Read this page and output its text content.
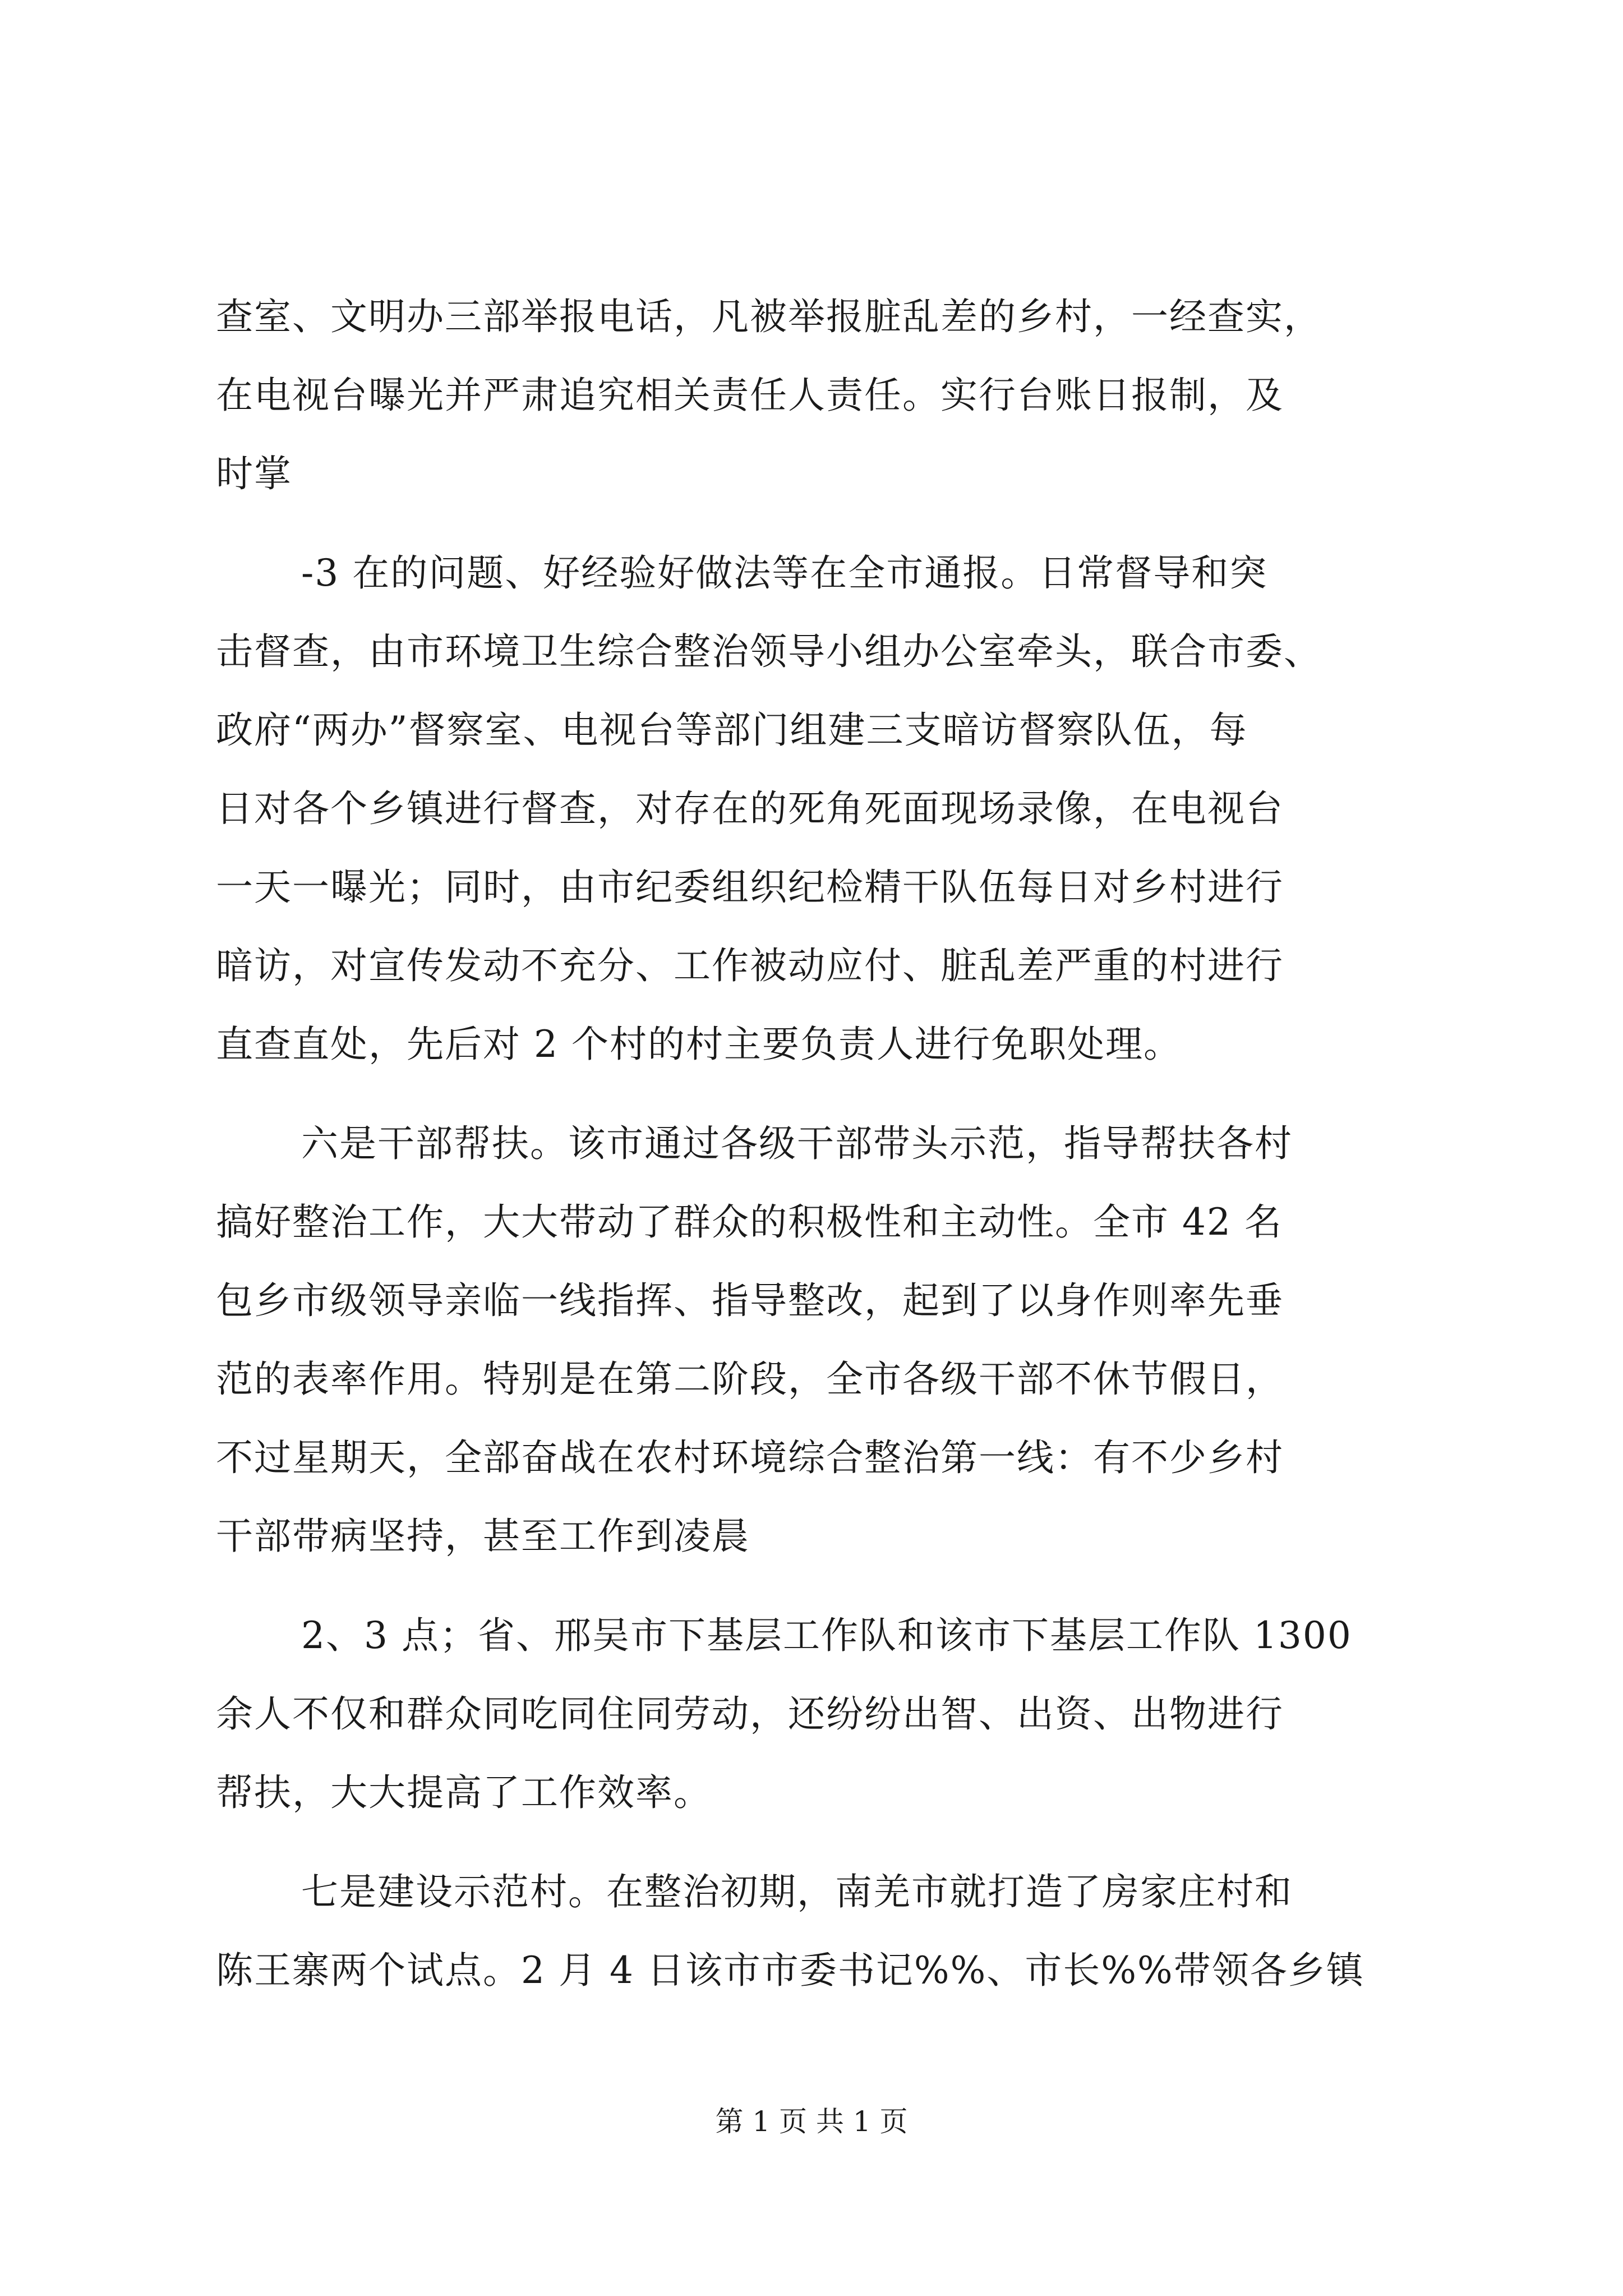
查室、文明办三部举报电话，凡被举报脏乱差的乡村，一经查实，
在电视台曝光并严肃追究相关责任人责任。实行台账日报制，及
时掌
-3 在的问题、好经验好做法等在全市通报。日常督导和突
击督查，由市环境卫生综合整治领导小组办公室牵头，联合市委、
政府“两办”督察室、电视台等部门组建三支暗访督察队伍，每
日对各个乡镇进行督查，对存在的死角死面现场录像，在电视台
一天一曝光；同时，由市纪委组织纪检精干队伍每日对乡村进行
暗访，对宣传发动不充分、工作被动应付、脏乱差严重的村进行
直查直处，先后对 2 个村的村主要负责人进行免职处理。
六是干部帮扶。该市通过各级干部带头示范，指导帮扶各村
搞好整治工作，大大带动了群众的积极性和主动性。全市 42 名
包乡市级领导亲临一线指挥、指导整改，起到了以身作则率先垂
范的表率作用。特别是在第二阶段，全市各级干部不休节假日，
不过星期天，全部奋战在农村环境综合整治第一线：有不少乡村
干部带病坚持，甚至工作到凌晨
2、3 点；省、邢吴市下基层工作队和该市下基层工作队 1300
余人不仅和群众同吃同住同劳动，还纷纷出智、出资、出物进行
帮扶，大大提高了工作效率。
七是建设示范村。在整治初期，南羌市就打造了房家庄村和
陈王寨两个试点。2 月 4 日该市市委书记%%、市长%%带领各乡镇
第 1 页 共 1 页
